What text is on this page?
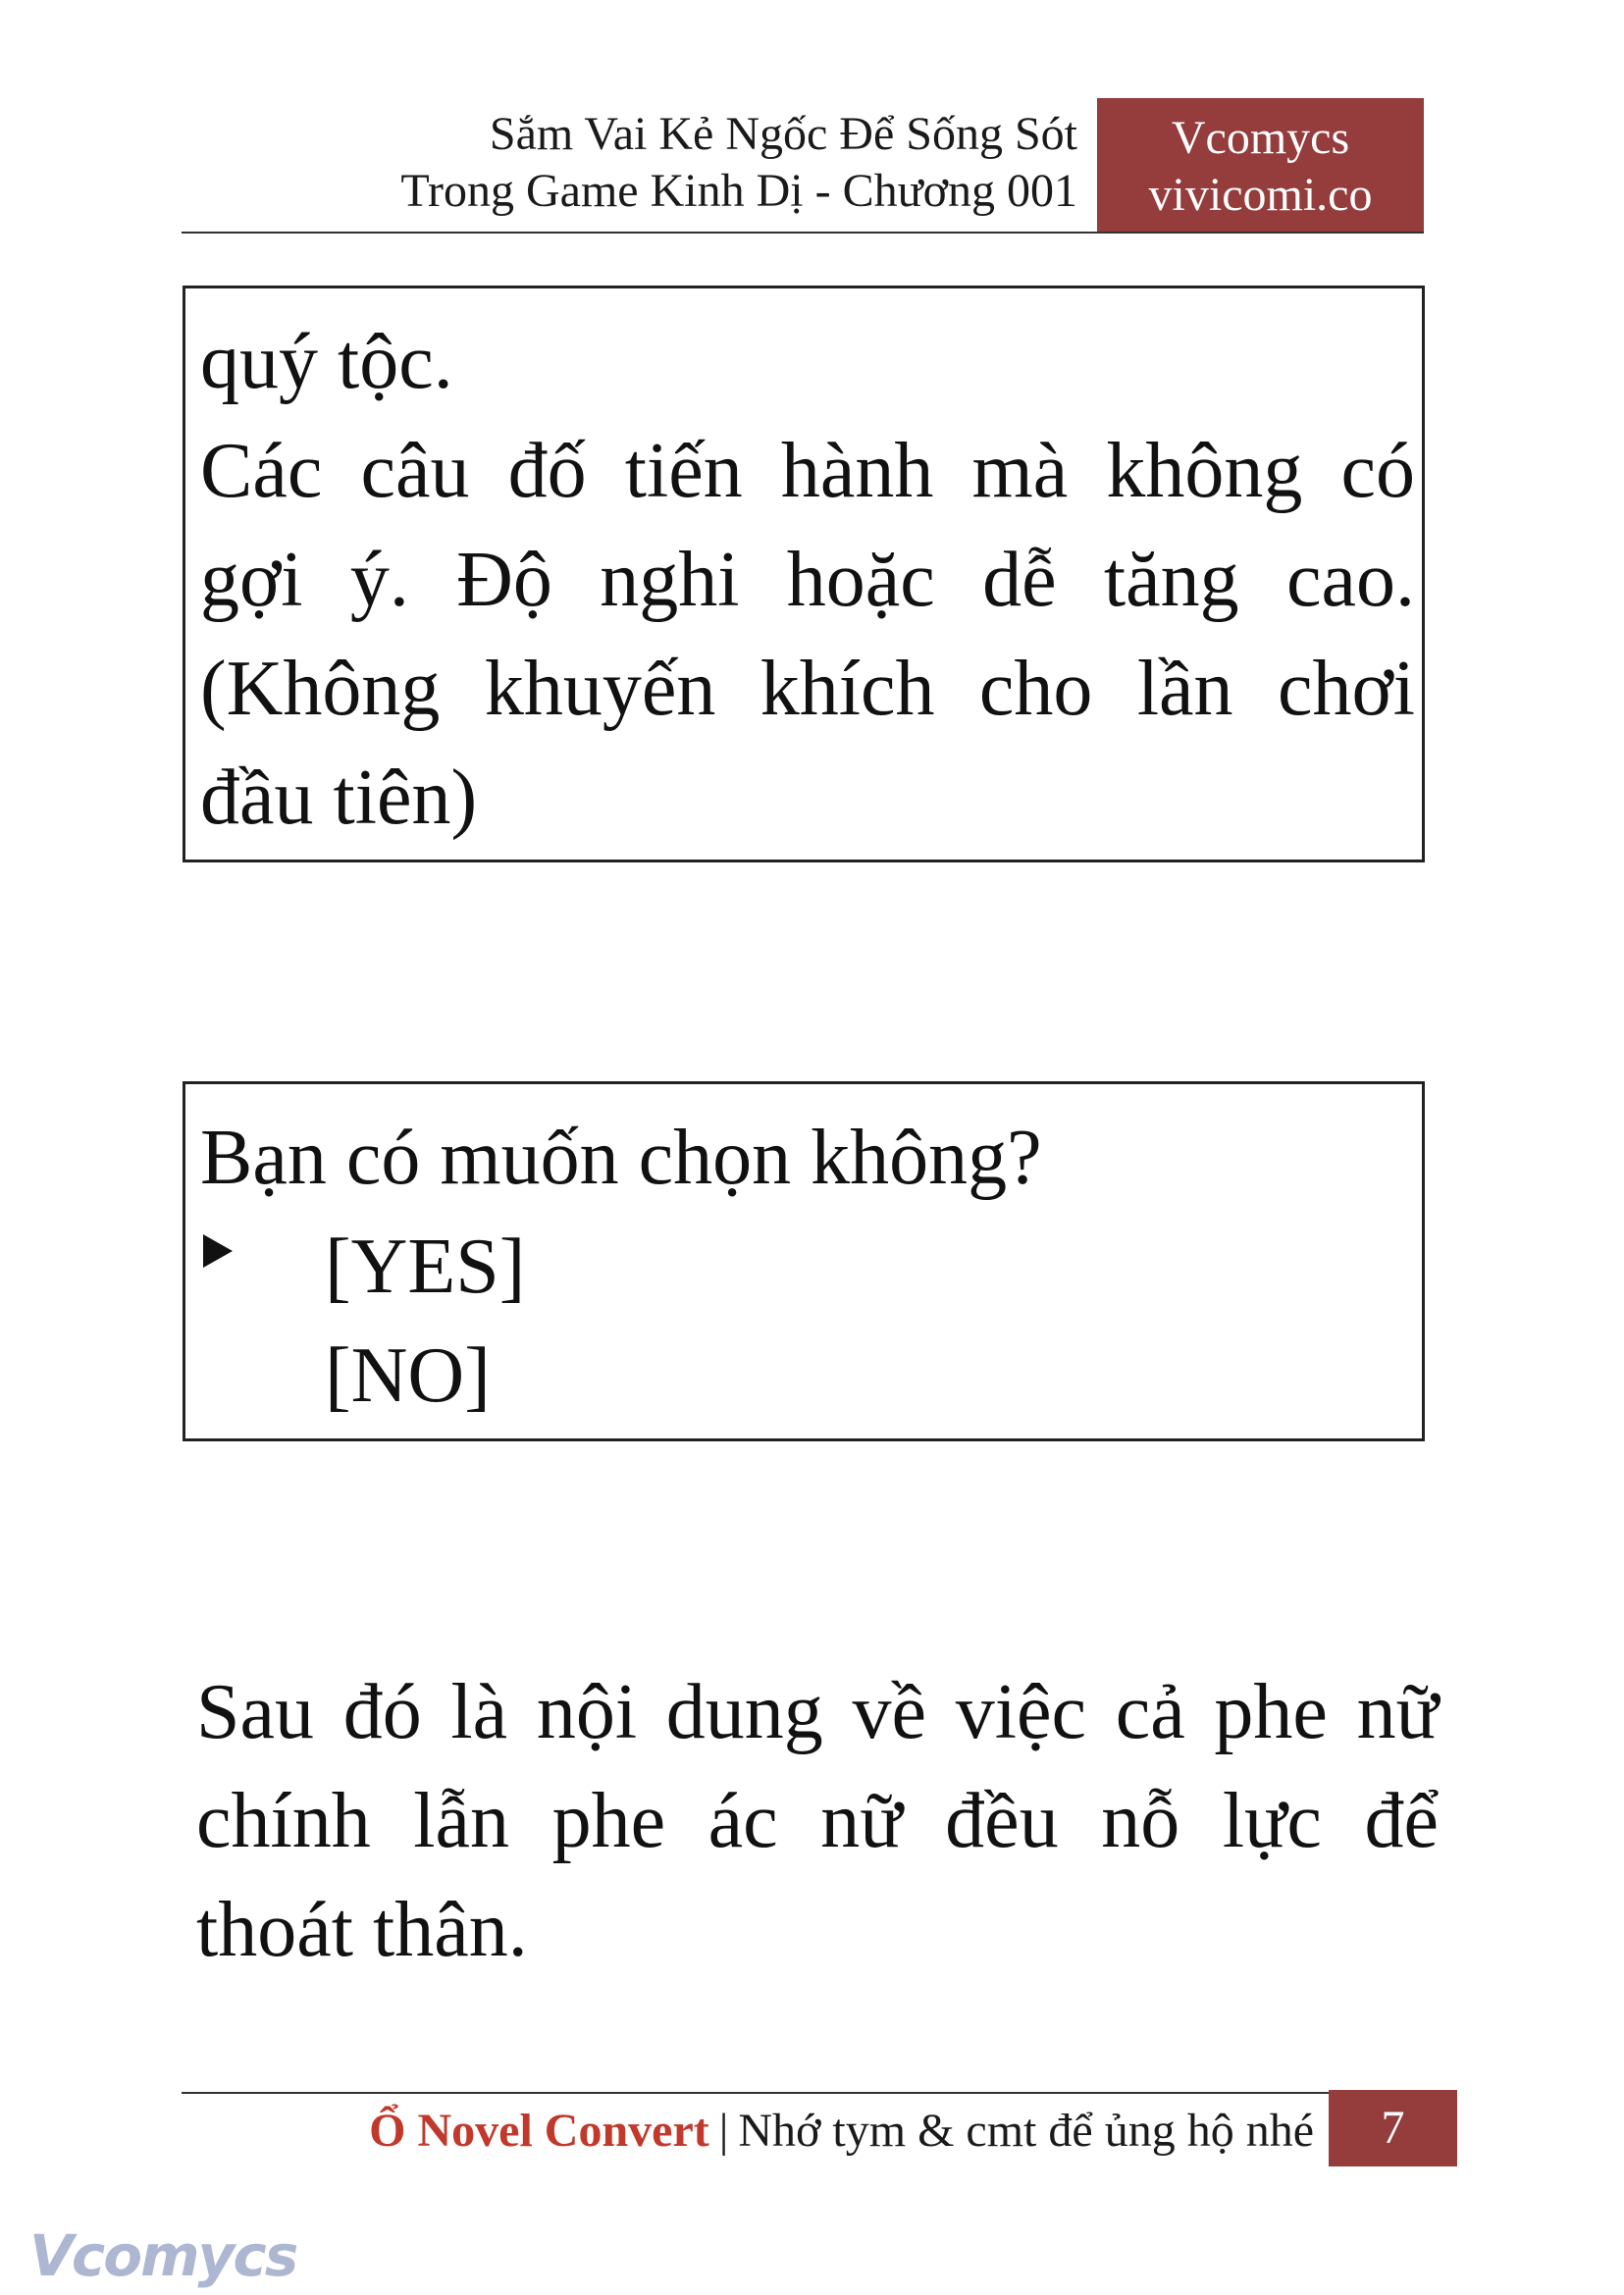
Sắm Vai Kẻ Ngốc Để Sống Sót
Trong Game Kinh Dị - Chương 001
Vcomycs
vivicomi.co
quý tộc.
Các câu đố tiến hành mà không có
gợi ý. Độ nghi hoặc dễ tăng cao.
(Không khuyến khích cho lần chơi
đầu tiên)
Bạn có muốn chọn không?
[YES]
[NO]
Sau đó là nội dung về việc cả phe nữ
chính lẫn phe ác nữ đều nỗ lực để
thoát thân.
Ổ Novel Convert | Nhớ tym & cmt để ủng hộ nhé	7
Vcomycs
